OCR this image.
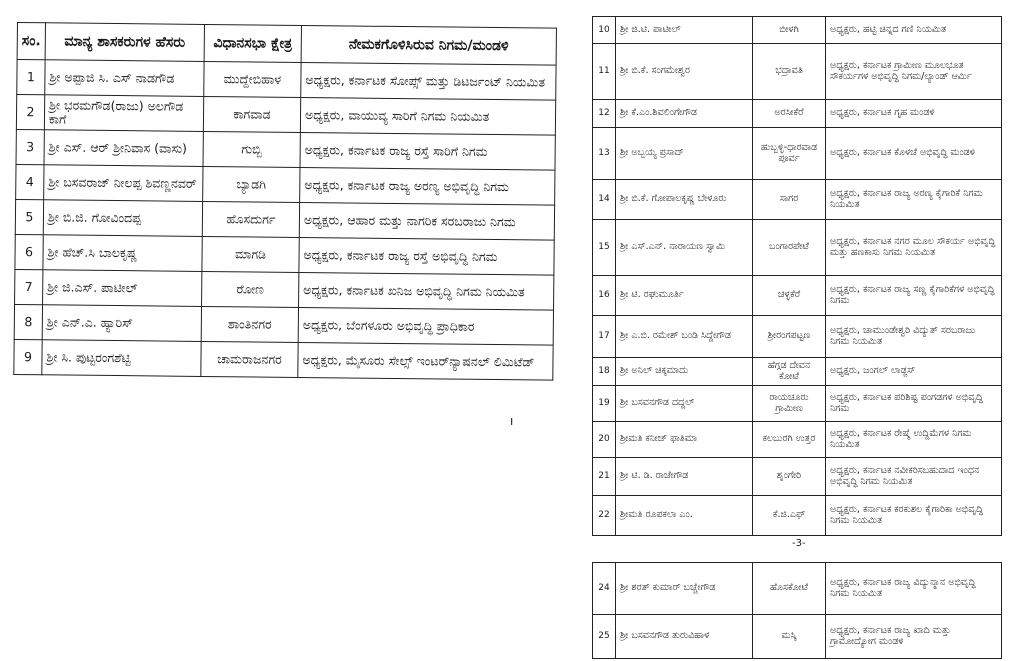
ಸಂ.	ಮಾನ್ಯ ಶಾಸಕರುಗಳ ಹೆಸರು	ವಿಧಾನಸಭಾ ಕ್ಷೇತ್ರ	ನೇಮಕಗೊಳಿಸಿರುವ ನಿಗಮ/ಮಂಡಳಿ
1	ಶ್ರೀ ಅಪ್ಪಾಜಿ ಸಿ. ಎಸ್ ನಾಡಗೌಡ	ಮುದ್ದೇಬಿಹಾಳ	ಅಧ್ಯಕ್ಷರು, ಕರ್ನಾಟಕ ಸೋಪ್ಸ್ ಮತ್ತು ಡಿಟರ್ಜಂಟ್ ನಿಯಮಿತ
2	ಶ್ರೀ ಭರಮಗೌಡ(ರಾಜು) ಅಲಗೌಡ ಕಾಗೆ	ಕಾಗವಾಡ	ಅಧ್ಯಕ್ಷರು, ವಾಯುವ್ಯ ಸಾರಿಗೆ ನಿಗಮ ನಿಯಮಿತ
3	ಶ್ರೀ ಎಸ್. ಆರ್ ಶ್ರೀನಿವಾಸ (ವಾಸು)	ಗುಬ್ಬಿ	ಅಧ್ಯಕ್ಷರು, ಕರ್ನಾಟಕ ರಾಜ್ಯ ರಸ್ತೆ ಸಾರಿಗೆ ನಿಗಮ
4	ಶ್ರೀ ಬಸವರಾಜ್ ನೀಲಪ್ಪ ಶಿವಣ್ಣನವರ್	ಬ್ಯಾಡಗಿ	ಅಧ್ಯಕ್ಷರು, ಕರ್ನಾಟಕ ರಾಜ್ಯ ಅರಣ್ಯ ಅಭಿವೃದ್ಧಿ ನಿಗಮ
5	ಶ್ರೀ ಬಿ.ಜಿ. ಗೋವಿಂದಪ್ಪ	ಹೊಸದುರ್ಗ	ಅಧ್ಯಕ್ಷರು, ಆಹಾರ ಮತ್ತು ನಾಗರಿಕ ಸರಬರಾಜು ನಿಗಮ
6	ಶ್ರೀ ಹೆಚ್.ಸಿ ಬಾಲಕೃಷ್ಣ	ಮಾಗಡಿ	ಅಧ್ಯಕ್ಷರು, ಕರ್ನಾಟಕ ರಾಜ್ಯ ರಸ್ತೆ ಅಭಿವೃದ್ಧಿ ನಿಗಮ
7	ಶ್ರೀ ಜಿ.ಎಸ್. ಪಾಟೀಲ್	ರೋಣ	ಅಧ್ಯಕ್ಷರು, ಕರ್ನಾಟಕ ಖನಿಜ ಅಭಿವೃದ್ಧಿ ನಿಗಮ ನಿಯಮಿತ
8	ಶ್ರೀ ಎನ್.ಎ. ಹ್ಯಾರಿಸ್	ಶಾಂತಿನಗರ	ಅಧ್ಯಕ್ಷರು, ಬೆಂಗಳೂರು ಅಭಿವೃದ್ಧಿ ಪ್ರಾಧಿಕಾರ
9	ಶ್ರೀ ಸಿ. ಪುಟ್ಟರಂಗಶೆಟ್ಟಿ	ಚಾಮರಾಜನಗರ	ಅಧ್ಯಕ್ಷರು, ಮೈಸೂರು ಸೇಲ್ಸ್ ಇಂಟರ್‌ನ್ಯಾಷನಲ್ ಲಿಮಿಟೆಡ್
ı
10	ಶ್ರೀ ಜಿ.ಟಿ. ಪಾಟೀಲ್	ಬೀಳಗಿ	ಅಧ್ಯಕ್ಷರು, ಹಟ್ಟಿ ಚಿನ್ನದ ಗಣಿ ನಿಯಮಿತ
11	ಶ್ರೀ ಬಿ.ಕೆ. ಸಂಗಮೇಶ್ವರ	ಭದ್ರಾವತಿ	ಅಧ್ಯಕ್ಷರು, ಕರ್ನಾಟಕ ಗ್ರಾಮೀಣ ಮೂಲಭೂತ ಸೌಕರ್ಯಗಳ ಅಭಿವೃದ್ಧಿ ನಿಗಮ/ಲ್ಯಾಂಡ್ ಆರ್ಮಿ
12	ಶ್ರೀ ಕೆ.ಎಂ.ಶಿವಲಿಂಗೇಗೌಡ	ಅರಸೀಕೆರೆ	ಅಧ್ಯಕ್ಷರು, ಕರ್ನಾಟಕ ಗೃಹ ಮಂಡಳಿ
13	ಶ್ರೀ ಅಬ್ಬಯ್ಯ ಪ್ರಸಾದ್	ಹುಬ್ಬಳ್ಳಿ-ಧಾರವಾಡ ಪೂರ್ವ	ಅಧ್ಯಕ್ಷರು, ಕರ್ನಾಟಕ ಕೊಳಚೆ ಅಭಿವೃದ್ಧಿ ಮಂಡಳಿ
14	ಶ್ರೀ ಬಿ.ಕೆ. ಗೋಪಾಲಕೃಷ್ಣ ಬೇಳೂರು	ಸಾಗರ	ಅಧ್ಯಕ್ಷರು, ಕರ್ನಾಟಕ ರಾಜ್ಯ ಅರಣ್ಯ ಕೈಗಾರಿಕೆ ನಿಗಮ ನಿಯಮಿತ
15	ಶ್ರೀ ಎಸ್.ಎನ್. ನಾರಾಯಣ ಸ್ವಾಮಿ	ಬಂಗಾರಪೇಟೆ	ಅಧ್ಯಕ್ಷರು, ಕರ್ನಾಟಕ ನಗರ ಮೂಲ ಸೌಕರ್ಯ ಅಭಿವೃದ್ಧಿ ಮತ್ತು ಹಣಕಾಸು ನಿಗಮ ನಿಯಮಿತ
16	ಶ್ರೀ ಟಿ. ರಘುಮೂರ್ತಿ	ಚಳ್ಳಕೆರೆ	ಅಧ್ಯಕ್ಷರು, ಕರ್ನಾಟಕ ರಾಜ್ಯ ಸಣ್ಣ ಕೈಗಾರಿಕೆಗಳ ಅಭಿವೃದ್ಧಿ ನಿಗಮ
17	ಶ್ರೀ ಎ.ಬಿ. ರಮೇಶ್ ಬಂಡಿ ಸಿದ್ದೇಗೌಡ	ಶ್ರೀರಂಗಪಟ್ಟಣ	ಅಧ್ಯಕ್ಷರು, ಚಾಮುಂಡೇಶ್ವರಿ ವಿದ್ಯುತ್ ಸರಬರಾಜು ನಿಗಮ ನಿಯಮಿತ
18	ಶ್ರೀ ಅನಿಲ್ ಚಿಕ್ಕಮಾದು	ಹೆಗ್ಗಡ ದೇವನ ಕೋಟೆ	ಅಧ್ಯಕ್ಷರು, ಜಂಗಲ್ ಲಾಡ್ಜಸ್
19	ಶ್ರೀ ಬಸವನಗೌಡ ದದ್ದಲ್	ರಾಯಚೂರು ಗ್ರಾಮೀಣ	ಅಧ್ಯಕ್ಷರು, ಕರ್ನಾಟಕ ಪರಿಶಿಷ್ಟ ಪಂಗಡಗಳ ಅಭಿವೃದ್ಧಿ ನಿಗಮ
20	ಶ್ರೀಮತಿ ಕನೀಜ್ ಫಾತಿಮಾ	ಕಲಬುರಗಿ ಉತ್ತರ	ಅಧ್ಯಕ್ಷರು, ಕರ್ನಾಟಕ ರೇಷ್ಮೆ ಉದ್ದಿಮೆಗಳ ನಿಗಮ ನಿಯಮಿತ
21	ಶ್ರೀ ಟಿ. ಡಿ. ರಾಜೇಗೌಡ	ಶೃಂಗೇರಿ	ಅಧ್ಯಕ್ಷರು, ಕರ್ನಾಟಕ ನವೀಕರಿಸಬಹುದಾದ ಇಂಧನ ಅಭಿವೃದ್ಧಿ ನಿಗಮ ನಿಯಮಿತ
22	ಶ್ರೀಮತಿ ರೂಪಕಲಾ ಎಂ.	ಕೆ.ಜಿ.ಎಫ್	ಅಧ್ಯಕ್ಷರು, ಕರ್ನಾಟಕ ಕರಕುಶಲ ಕೈಗಾರಿಕಾ ಅಭಿವೃದ್ಧಿ ನಿಗಮ ನಿಯಮಿತ
-3-
24	ಶ್ರೀ ಶರತ್ ಕುಮಾರ್ ಬಚ್ಚೇಗೌಡ	ಹೊಸಕೋಟೆ	ಅಧ್ಯಕ್ಷರು, ಕರ್ನಾಟಕ ರಾಜ್ಯ ವಿದ್ಯುನ್ಮಾನ ಅಭಿವೃದ್ಧಿ ನಿಗಮ ನಿಯಮಿತ
25	ಶ್ರೀ ಬಸವನಗೌಡ ತುರುವಿಹಾಳ	ಮಸ್ಕಿ	ಅಧ್ಯಕ್ಷರು, ಕರ್ನಾಟಕ ರಾಜ್ಯ ಖಾದಿ ಮತ್ತು ಗ್ರಾಮೋದ್ಯೋಗ ಮಂಡಳಿ
